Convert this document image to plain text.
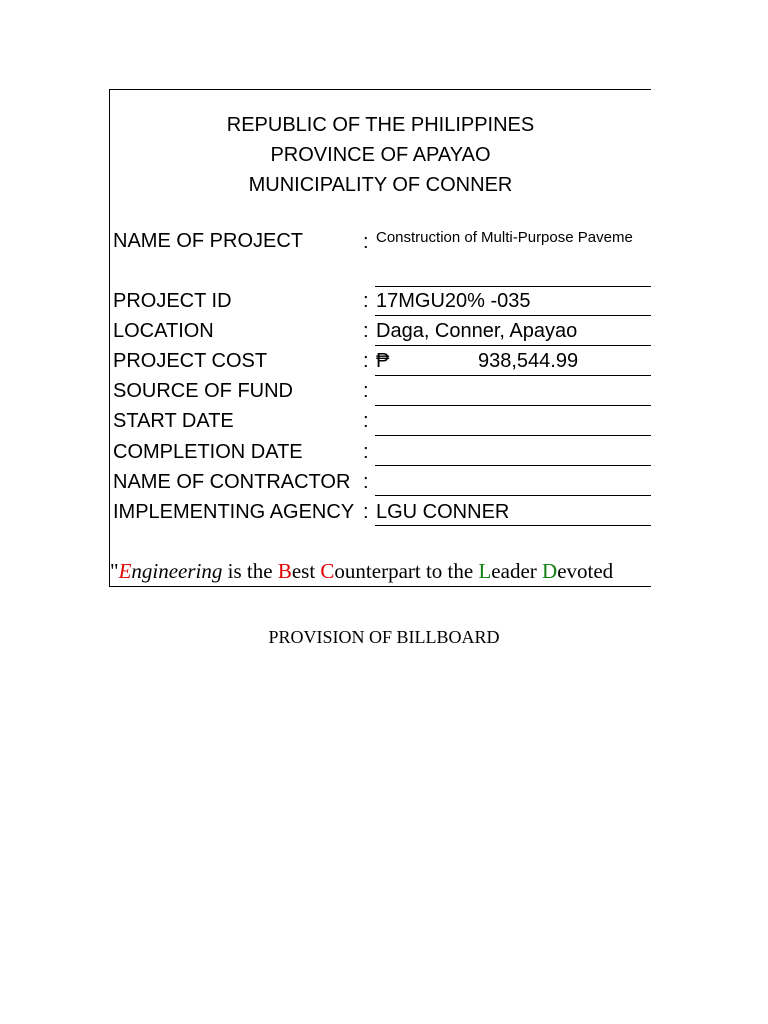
REPUBLIC OF THE PHILIPPINES
PROVINCE OF APAYAO
MUNICIPALITY OF CONNER
NAME OF PROJECT	: Construction of Multi-Purpose Paveme
PROJECT ID	: 17MGU20% -035
LOCATION	: Daga, Conner, Apayao
PROJECT COST	: ₱	938,544.99
SOURCE OF FUND	:
START DATE	:
COMPLETION DATE	:
NAME OF CONTRACTOR :
IMPLEMENTING AGENCY : LGU CONNER
"Engineering is the Best Counterpart to the Leader Devoted
PROVISION OF BILLBOARD
